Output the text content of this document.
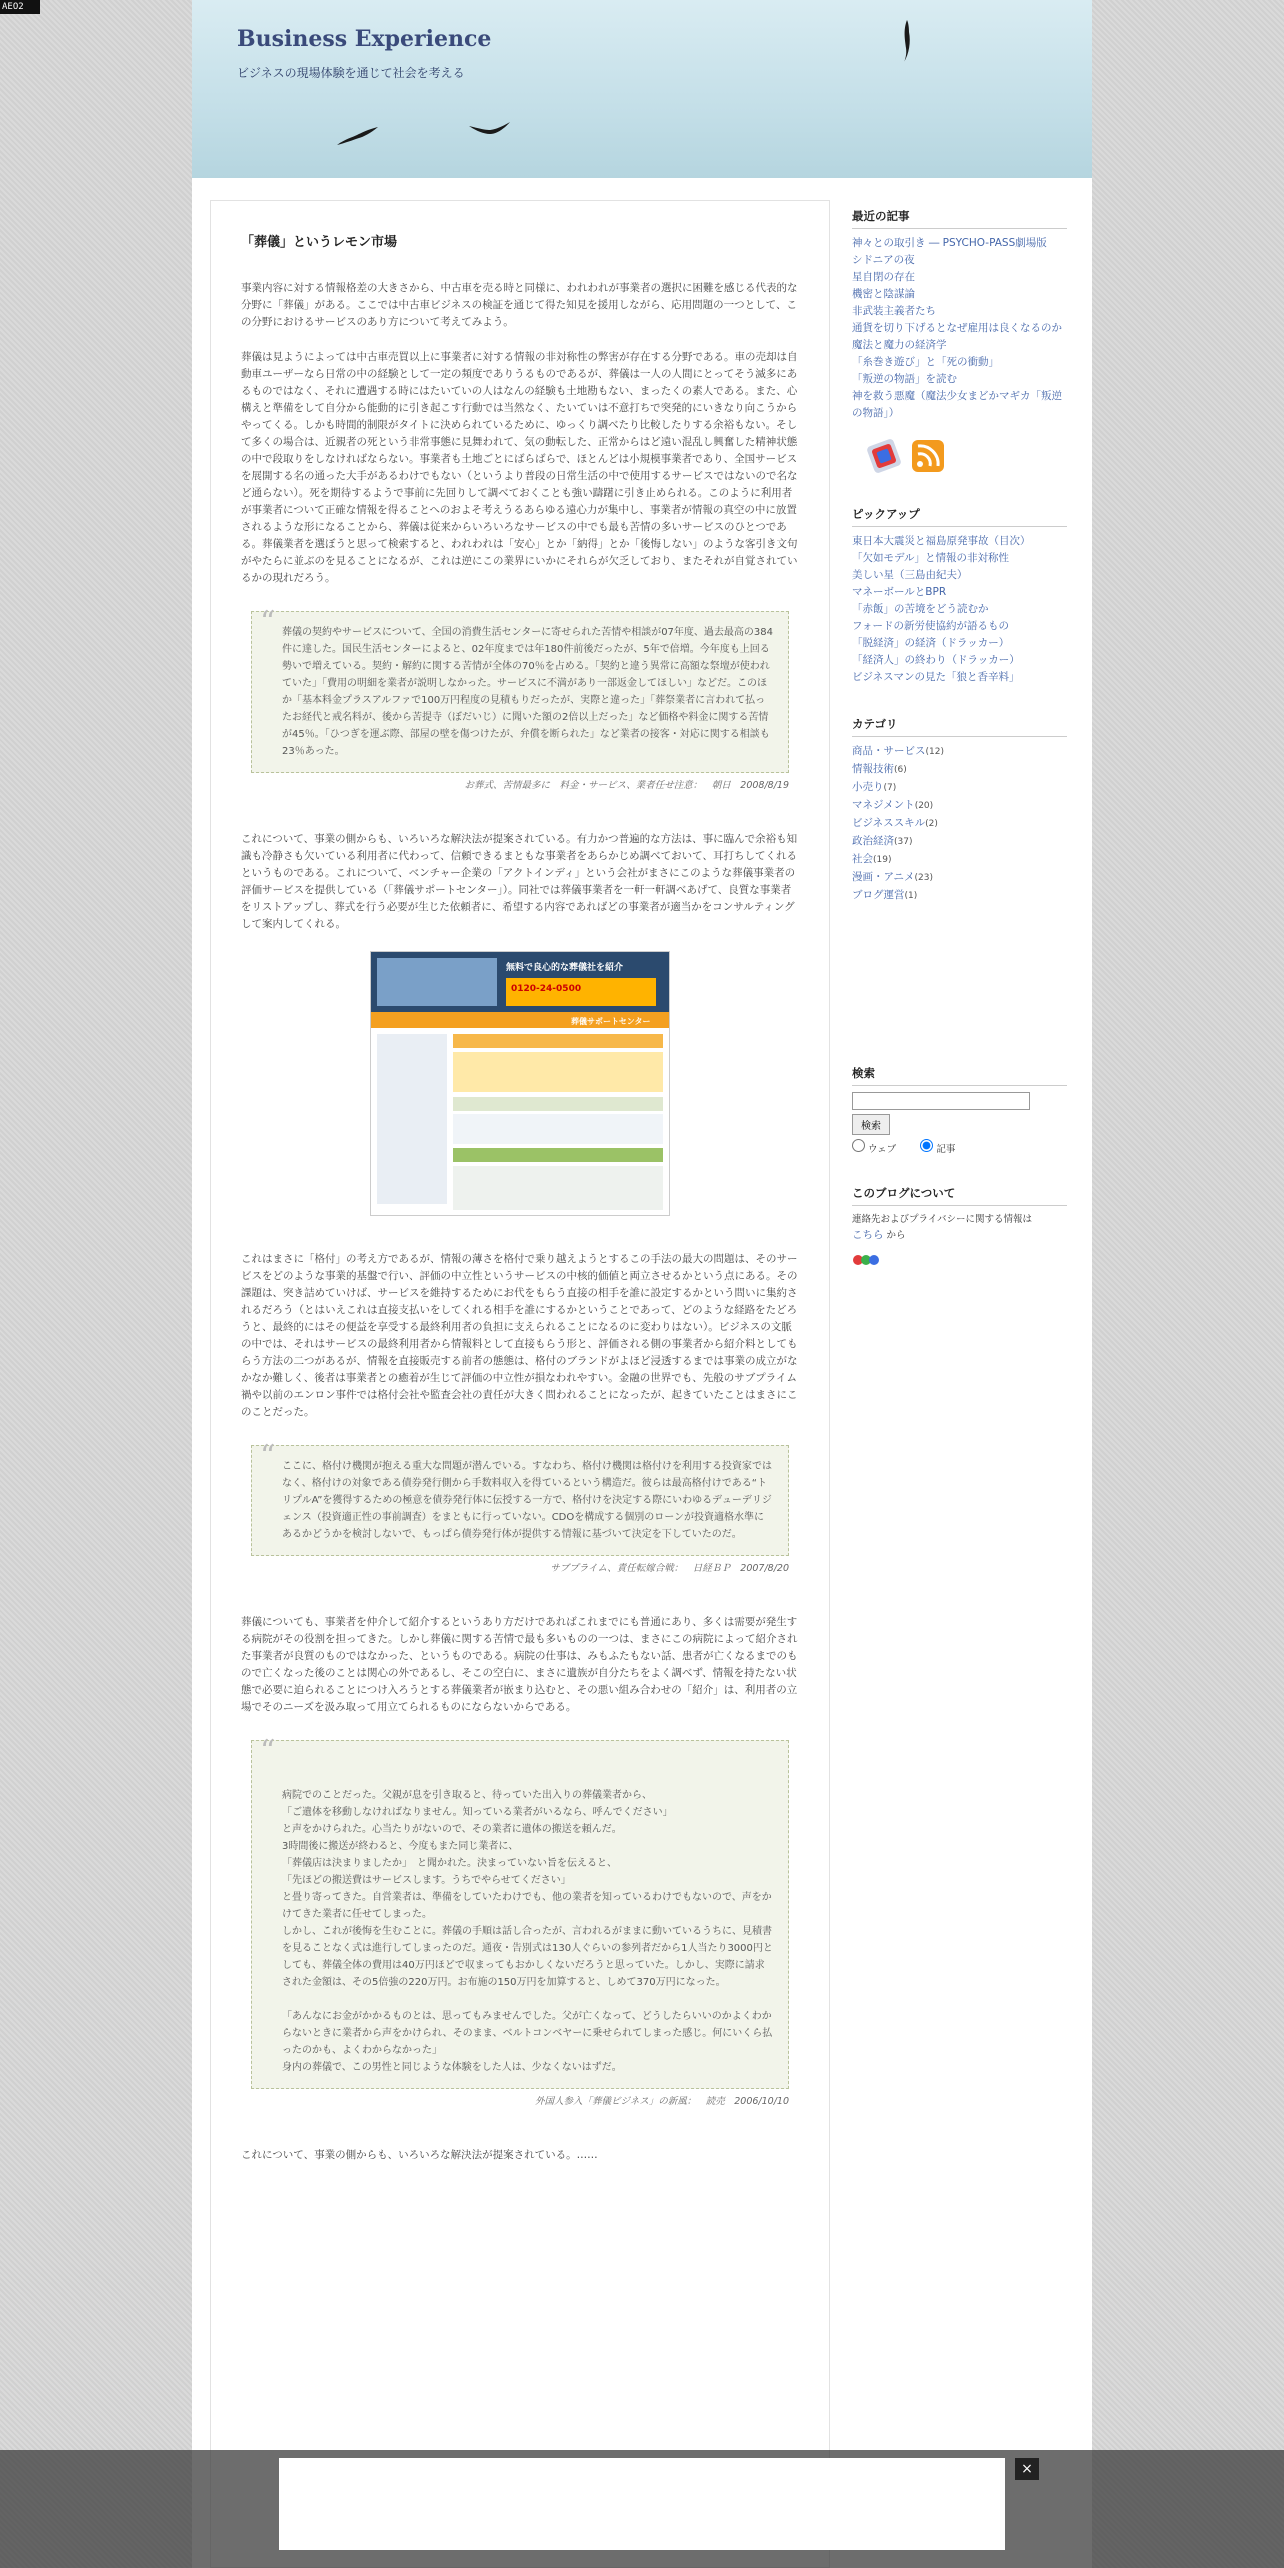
AEO2
Business Experience
ビジネスの現場体験を通じて社会を考える
「葬儀」というレモン市場

事業内容に対する情報格差の大きさから、中古車を売る時と同様に、われわれが事業者の選択に困難を感じる代表的な分野に「葬儀」がある。ここでは中古車ビジネスの検証を通じて得た知見を援用しながら、応用問題の一つとして、この分野におけるサービスのあり方について考えてみよう。

葬儀は見ようによっては中古車売買以上に事業者に対する情報の非対称性の弊害が存在する分野である。車の売却は自動車ユーザーなら日常の中の経験として一定の頻度でありうるものであるが、葬儀は一人の人間にとってそう滅多にあるものではなく、それに遭遇する時にはたいていの人はなんの経験も土地勘もない、まったくの素人である。また、心構えと準備をして自分から能動的に引き起こす行動では当然なく、たいていは不意打ちで突発的にいきなり向こうからやってくる。しかも時間的制限がタイトに決められているために、ゆっくり調べたり比較したりする余裕もない。そして多くの場合は、近親者の死という非常事態に見舞われて、気の動転した、正常からはど遠い混乱し興奮した精神状態の中で段取りをしなければならない。事業者も土地ごとにばらばらで、ほとんどは小規模事業者であり、全国サービスを展開する名の通った大手があるわけでもない（というより普段の日常生活の中で使用するサービスではないので名など通らない）。死を期待するようで事前に先回りして調べておくことも強い躊躇に引き止められる。このように利用者が事業者について正確な情報を得ることへのおよそ考えうるあらゆる遠心力が集中し、事業者が情報の真空の中に放置されるような形になることから、葬儀は従来からいろいろなサービスの中でも最も苦情の多いサービスのひとつである。葬儀業者を選ぼうと思って検索すると、われわれは「安心」とか「納得」とか「後悔しない」のような客引き文句がやたらに並ぶのを見ることになるが、これは逆にこの業界にいかにそれらが欠乏しており、またそれが自覚されているかの現れだろう。

“ 葬儀の契約やサービスについて、全国の消費生活センターに寄せられた苦情や相談が07年度、過去最高の384件に達した。国民生活センターによると、02年度までは年180件前後だったが、5年で倍増。今年度も上回る勢いで増えている。契約・解約に関する苦情が全体の70％を占める。「契約と違う異常に高額な祭壇が使われていた」「費用の明細を業者が説明しなかった。サービスに不満があり一部返金してほしい」などだ。このほか「基本料金プラスアルファで100万円程度の見積もりだったが、実際と違った」「葬祭業者に言われて払ったお経代と戒名料が、後から苦提寺（ぼだいじ）に聞いた額の2倍以上だった」など価格や料金に関する苦情が45％。「ひつぎを運ぶ際、部屋の壁を傷つけたが、弁償を断られた」など業者の接客・対応に関する相談も23％あった。
お葬式、苦情最多に　料金・サービス、業者任せ注意：　朝日　2008/8/19

これについて、事業の側からも、いろいろな解決法が提案されている。有力かつ普遍的な方法は、事に臨んで余裕も知識も冷静さも欠いている利用者に代わって、信頼できるまともな事業者をあらかじめ調べておいて、耳打ちしてくれるというものである。これについて、ベンチャー企業の「アクトインディ」という会社がまさにこのような葬儀事業者の評価サービスを提供している（「葬儀サポートセンター」）。同社では葬儀事業者を一軒一軒調べあげて、良質な事業者をリストアップし、葬式を行う必要が生じた依頼者に、希望する内容であればどの事業者が適当かをコンサルティングして案内してくれる。

無料で良心的な葬儀社を紹介
0120-24-0500
葬儀サポートセンター

これはまさに「格付」の考え方であるが、情報の薄さを格付で乗り越えようとするこの手法の最大の問題は、そのサービスをどのような事業的基盤で行い、評価の中立性というサービスの中核的価値と両立させるかという点にある。その課題は、突き詰めていけば、サービスを維持するためにお代をもらう直接の相手を誰に設定するかという問いに集約されるだろう（とはいえこれは直接支払いをしてくれる相手を誰にするかということであって、どのような経路をたどろうと、最終的にはその便益を享受する最終利用者の負担に支えられることになるのに変わりはない）。ビジネスの文脈の中では、それはサービスの最終利用者から情報料として直接もらう形と、評価される側の事業者から紹介料としてもらう方法の二つがあるが、情報を直接販売する前者の態態は、格付のブランドがよほど浸透するまでは事業の成立がなかなか難しく、後者は事業者との癒着が生じて評価の中立性が損なわれやすい。金融の世界でも、先般のサブプライム禍や以前のエンロン事件では格付会社や監査会社の責任が大きく問われることになったが、起きていたことはまさにこのことだった。

“ ここに、格付け機関が抱える重大な問題が潜んでいる。すなわち、格付け機関は格付けを利用する投資家ではなく、格付けの対象である債券発行側から手数料収入を得ているという構造だ。彼らは最高格付けである“トリプルA”を獲得するための極意を債券発行体に伝授する一方で、格付けを決定する際にいわゆるデューデリジェンス（投資適正性の事前調査）をまともに行っていない。CDOを構成する個別のローンが投資適格水準にあるかどうかを検討しないで、もっぱら債券発行体が提供する情報に基づいて決定を下していたのだ。
サブプライム、責任転嫁合戦：　日経ＢＰ　2007/8/20

葬儀についても、事業者を仲介して紹介するというあり方だけであればこれまでにも普通にあり、多くは需要が発生する病院がその役割を担ってきた。しかし葬儀に関する苦情で最も多いものの一つは、まさにこの病院によって紹介された事業者が良質のものではなかった、というものである。病院の仕事は、みもふたもない話、患者が亡くなるまでのもので亡くなった後のことは関心の外であるし、そこの空白に、まさに遺族が自分たちをよく調べず、情報を持たない状態で必要に迫られることにつけ入ろうとする葬儀業者が嵌まり込むと、その悪い組み合わせの「紹介」は、利用者の立場でそのニーズを汲み取って用立てられるものにならないからである。

“

病院でのことだった。父親が息を引き取ると、待っていた出入りの葬儀業者から、
「ご遺体を移動しなければなりません。知っている業者がいるなら、呼んでください」
と声をかけられた。心当たりがないので、その業者に遺体の搬送を頼んだ。
3時間後に搬送が終わると、今度もまた同じ業者に、
「葬儀店は決まりましたか」　と聞かれた。決まっていない旨を伝えると、
「先ほどの搬送費はサービスします。うちでやらせてください」
と畳り寄ってきた。自営業者は、準備をしていたわけでも、他の業者を知っているわけでもないので、声をかけてきた業者に任せてしまった。
しかし、これが後悔を生むことに。葬儀の手順は話し合ったが、言われるがままに動いているうちに、見積書を見ることなく式は進行してしまったのだ。通夜・告別式は130人ぐらいの参列者だから1人当たり3000円としても、葬儀全体の費用は40万円ほどで収まってもおかしくないだろうと思っていた。しかし、実際に請求された金額は、その5倍強の220万円。お布施の150万円を加算すると、しめて370万円になった。

「あんなにお金がかかるものとは、思ってもみませんでした。父が亡くなって、どうしたらいいのかよくわからないときに業者から声をかけられ、そのまま、ベルトコンベヤーに乗せられてしまった感じ。何にいくら払ったのかも、よくわからなかった」
身内の葬儀で、この男性と同じような体験をした人は、少なくないはずだ。

外国人参入「葬儀ビジネス」の新風：　読売　2006/10/10

これについて、事業の側からも、いろいろな解決法が提案されている。……

最近の記事
神々との取引き ― PSYCHO-PASS劇場版
シドニアの夜
星自閉の存在
機密と陰謀論
非武装主義者たち
通貨を切り下げるとなぜ雇用は良くなるのか
魔法と魔力の経済学
「糸巻き遊び」と「死の衝動」
「叛逆の物語」を読む
神を救う悪魔（魔法少女まどかマギカ「叛逆の物語」）
ピックアップ
東日本大震災と福島原発事故（目次）
「欠如モデル」と情報の非対称性
美しい星（三島由紀夫）
マネーボールとBPR
「赤飯」の苦境をどう読むか
フォードの新労使協約が語るもの
「脱経済」の経済（ドラッカー）
「経済人」の終わり（ドラッカー）
ビジネスマンの見た「狼と香辛料」
カテゴリ
商品・サービス(12)
情報技術(6)
小売り(7)
マネジメント(20)
ビジネススキル(2)
政治経済(37)
社会(19)
漫画・アニメ(23)
ブログ運営(1)
検索
検索
ウェブ	記事
このブログについて
連絡先およびプライバシーに関する情報は
こちら から
×
